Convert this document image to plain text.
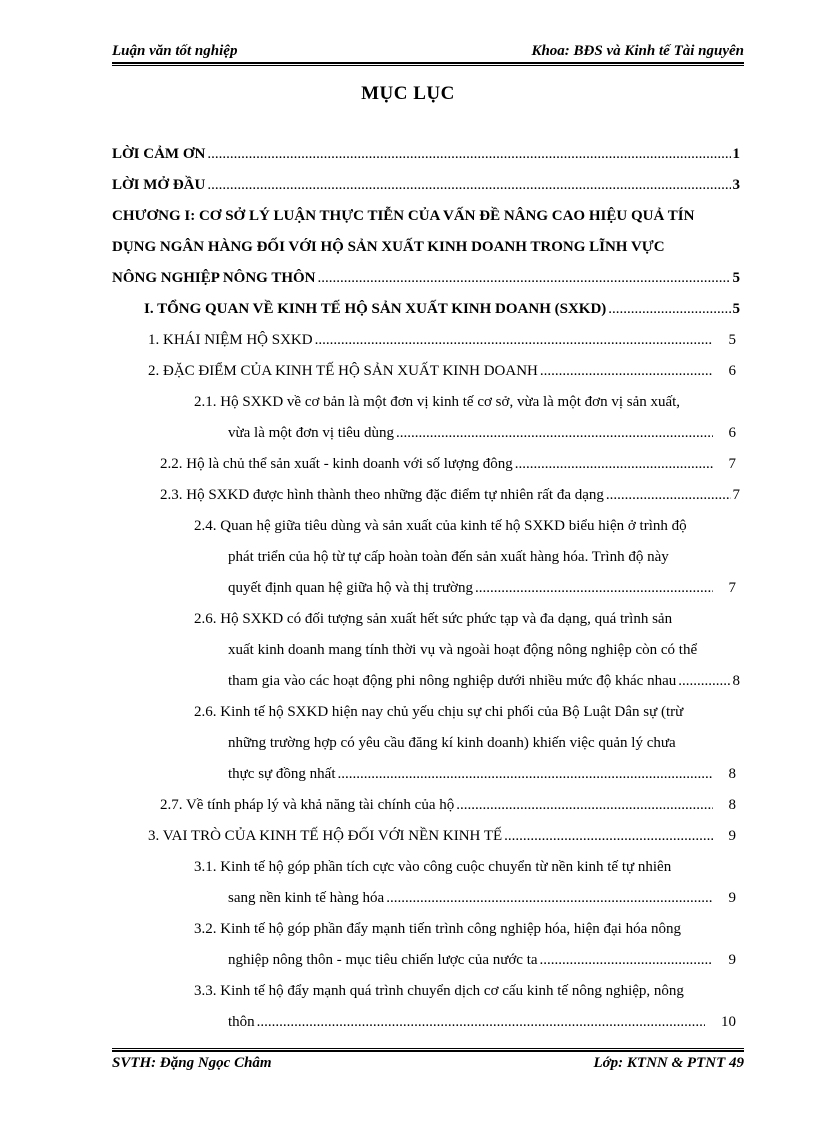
Luận văn tốt nghiệp	Khoa: BĐS và Kinh tế Tài nguyên
MỤC LỤC
LỜI CẢM ƠN .....	1
LỜI MỞ ĐẦU .....	3
CHƯƠNG I: CƠ SỞ LÝ LUẬN THỰC TIỄN CỦA VẤN ĐỀ NÂNG CAO HIỆU QUẢ TÍN
DỤNG NGÂN HÀNG ĐỐI VỚI HỘ SẢN XUẤT KINH DOANH TRONG LĨNH VỰC
NÔNG NGHIỆP NÔNG THÔN .....	5
I. TỔNG QUAN VỀ KINH TẾ HỘ SẢN XUẤT KINH DOANH (SXKD) .....	5
1. KHÁI NIỆM HỘ SXKD .....	5
2. ĐẶC ĐIỂM CỦA KINH TẾ HỘ SẢN XUẤT KINH DOANH .....	6
2.1. Hộ SXKD về cơ bản là một đơn vị kinh tế cơ sở, vừa là một đơn vị sản xuất,
vừa là một đơn vị tiêu dùng .....	6
2.2. Hộ là chủ thể sản xuất - kinh doanh với số lượng đông .....	7
2.3. Hộ SXKD được hình thành theo những đặc điểm tự nhiên rất đa dạng .....	7
2.4. Quan hệ giữa tiêu dùng và sản xuất của kinh tế hộ SXKD biểu hiện ở trình độ
phát triển của hộ từ tự cấp hoàn toàn đến sản xuất hàng hóa. Trình độ này
quyết định quan hệ giữa hộ và thị trường .....	7
2.6. Hộ SXKD có đối tượng sản xuất hết sức phức tạp và đa dạng, quá trình sản
xuất kinh doanh mang tính thời vụ và ngoài hoạt động nông nghiệp còn có thể
tham gia vào các hoạt động phi nông nghiệp dưới nhiều mức độ khác nhau .....	8
2.6. Kinh tế hộ SXKD hiện nay chủ yếu chịu sự chi phối của Bộ Luật Dân sự (trừ
những trường hợp có yêu cầu đăng kí kinh doanh) khiến việc quản lý chưa
thực sự đồng nhất .....	8
2.7. Về tính pháp lý và khả năng tài chính của hộ .....	8
3. VAI TRÒ CỦA KINH TẾ HỘ ĐỐI VỚI NỀN KINH TẾ .....	9
3.1. Kinh tế hộ góp phần tích cực vào công cuộc chuyển từ nền kinh tế tự nhiên
sang nền kinh tế hàng hóa .....	9
3.2. Kinh tế hộ góp phần đẩy mạnh tiến trình công nghiệp hóa, hiện đại hóa nông
nghiệp nông thôn - mục tiêu chiến lược của nước ta .....	9
3.3. Kinh tế hộ đẩy mạnh quá trình chuyển dịch cơ cấu kinh tế nông nghiệp, nông
thôn .....	10
SVTH: Đặng Ngọc Châm	Lớp: KTNN & PTNT 49
